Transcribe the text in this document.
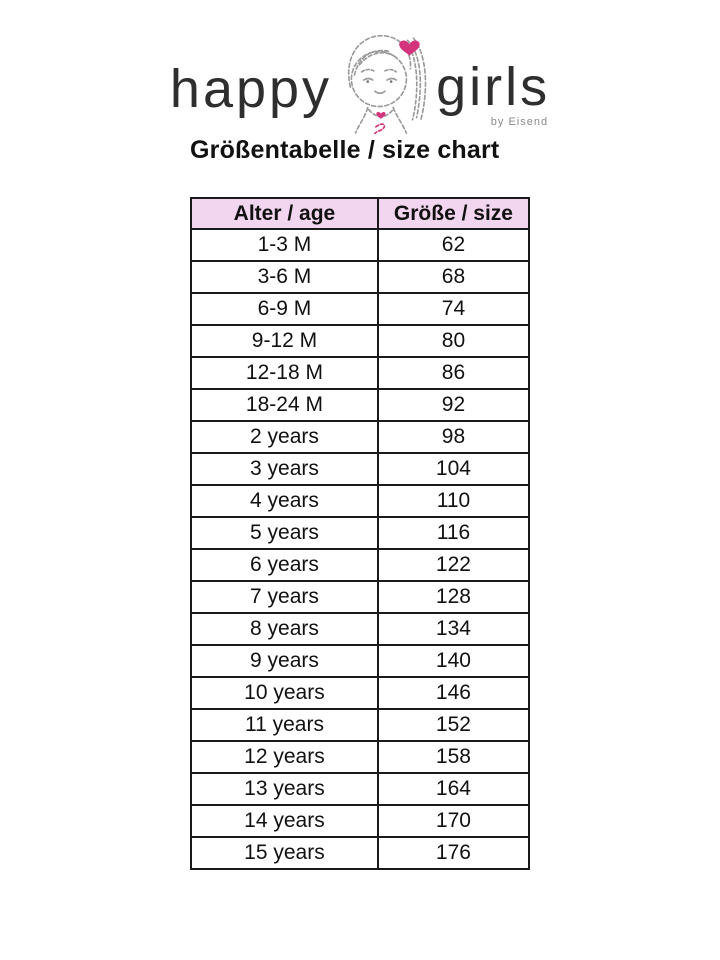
happy girls
by Eisend
Größentabelle / size chart
Alter / age	Größe / size
1-3 M	62
3-6 M	68
6-9 M	74
9-12 M	80
12-18 M	86
18-24 M	92
2 years	98
3 years	104
4 years	110
5 years	116
6 years	122
7 years	128
8 years	134
9 years	140
10 years	146
11 years	152
12 years	158
13 years	164
14 years	170
15 years	176
